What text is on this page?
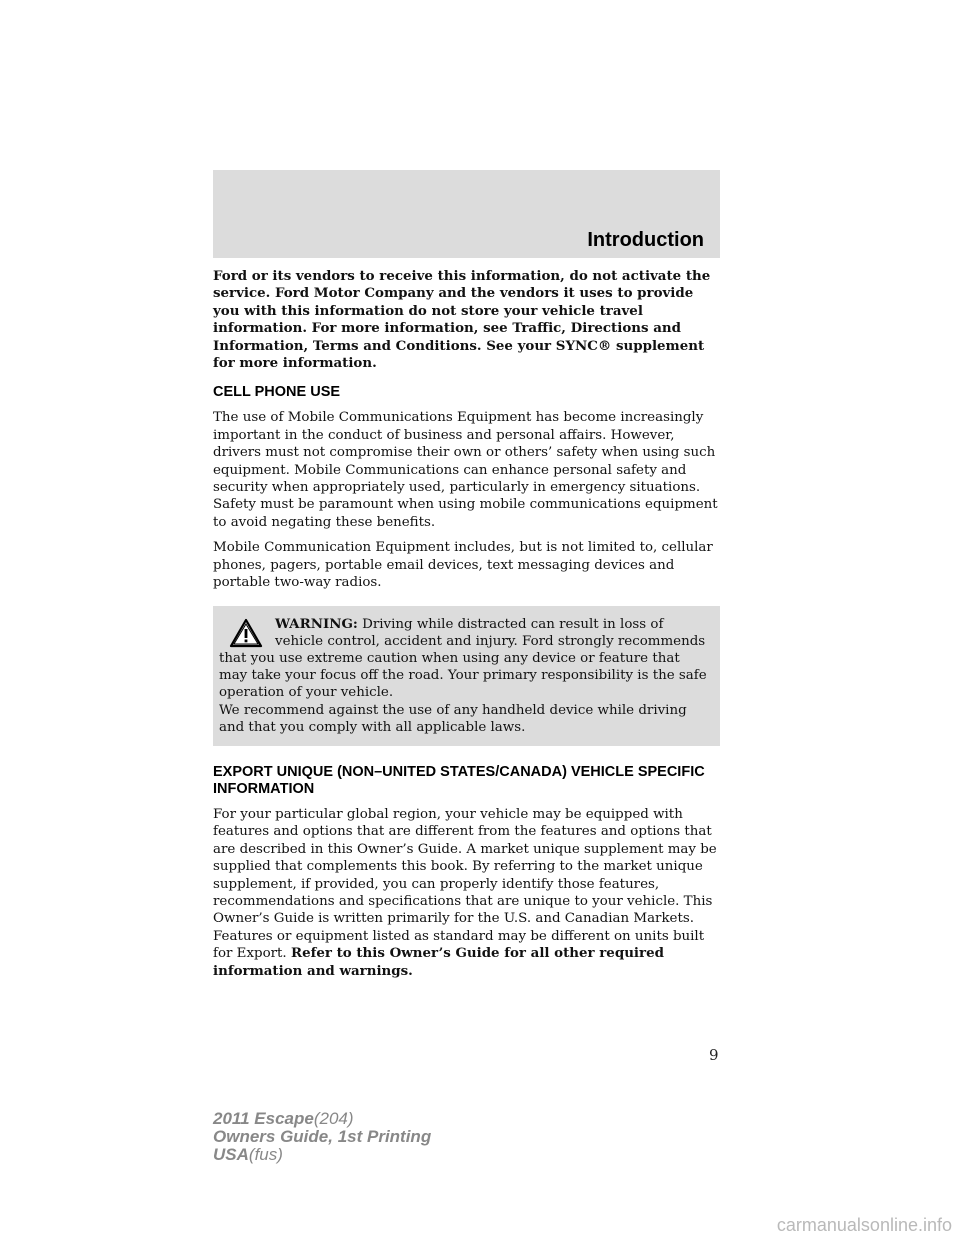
Introduction

Ford or its vendors to receive this information, do not activate the service. Ford Motor Company and the vendors it uses to provide you with this information do not store your vehicle travel information. For more information, see Traffic, Directions and Information, Terms and Conditions. See your SYNC® supplement for more information.

CELL PHONE USE

The use of Mobile Communications Equipment has become increasingly important in the conduct of business and personal affairs. However, drivers must not compromise their own or others’ safety when using such equipment. Mobile Communications can enhance personal safety and security when appropriately used, particularly in emergency situations. Safety must be paramount when using mobile communications equipment to avoid negating these benefits.

Mobile Communication Equipment includes, but is not limited to, cellular phones, pagers, portable email devices, text messaging devices and portable two-way radios.

WARNING: Driving while distracted can result in loss of vehicle control, accident and injury. Ford strongly recommends that you use extreme caution when using any device or feature that may take your focus off the road. Your primary responsibility is the safe operation of your vehicle.
We recommend against the use of any handheld device while driving and that you comply with all applicable laws.
EXPORT UNIQUE (NON–UNITED STATES/CANADA) VEHICLE SPECIFIC INFORMATION

For your particular global region, your vehicle may be equipped with features and options that are different from the features and options that are described in this Owner’s Guide. A market unique supplement may be supplied that complements this book. By referring to the market unique supplement, if provided, you can properly identify those features, recommendations and specifications that are unique to your vehicle. This Owner’s Guide is written primarily for the U.S. and Canadian Markets. Features or equipment listed as standard may be different on units built for Export. Refer to this Owner’s Guide for all other required information and warnings.

9
2011 Escape(204)
Owners Guide, 1st Printing
USA(fus)
carmanualsonline.info
